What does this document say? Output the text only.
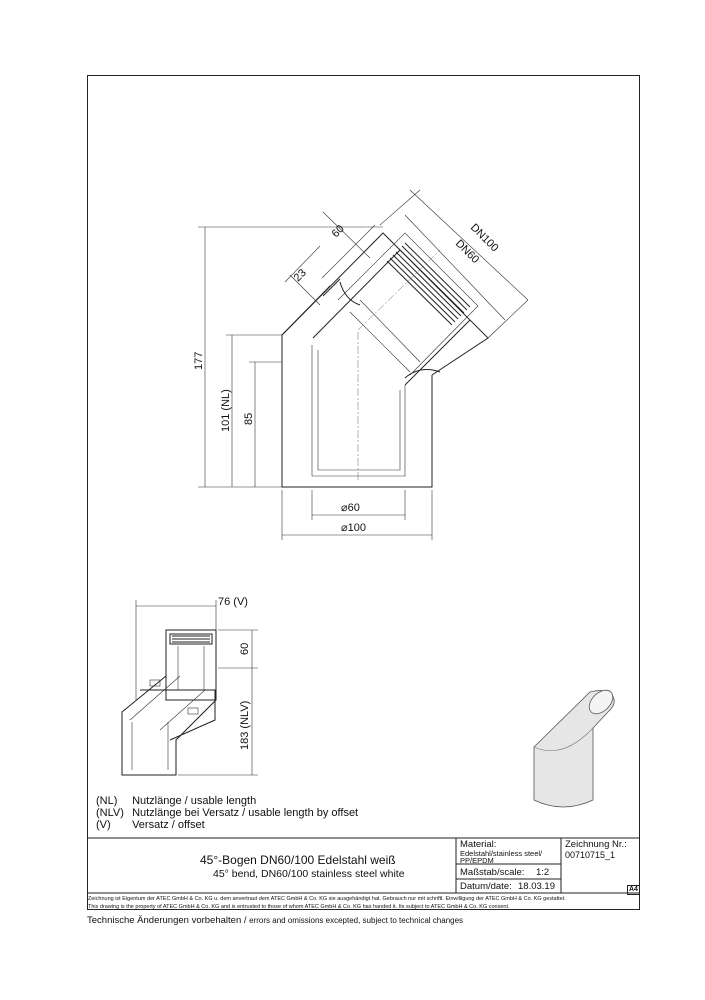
60
23
DN100
DN60
177
101 (NL) 85
⌀60
⌀100
76 (V)
60
183 (NLV)
(NL) Nutzlänge / usable length
(NLV) Nutzlänge bei Versatz / usable length by offset
(V) Versatz / offset
45°-Bogen DN60/100 Edelstahl weiß
45° bend, DN60/100 stainless steel white
Material:
Edelstahl/stainless steel/
PP/EPDM
Maßstab/scale: 1:2
Datum/date: 18.03.19
Zeichnung Nr.:
00710715_1
A4
Zeichnung ist Eigentum der ATEC GmbH & Co. KG u. dem anvertraut dem ATEC GmbH & Co. KG sie ausgehändigt hat. Gebrauch nur mit schriftl. Einwilligung der ATEC GmbH & Co. KG gestattet.
This drawing is the property of ATEC GmbH & Co. KG and is entrusted to those of whom ATEC GmbH & Co. KG has handed it. Its subject to ATEC GmbH & Co. KG consent.
Technische Änderungen vorbehalten / errors and omissions excepted, subject to technical changes
